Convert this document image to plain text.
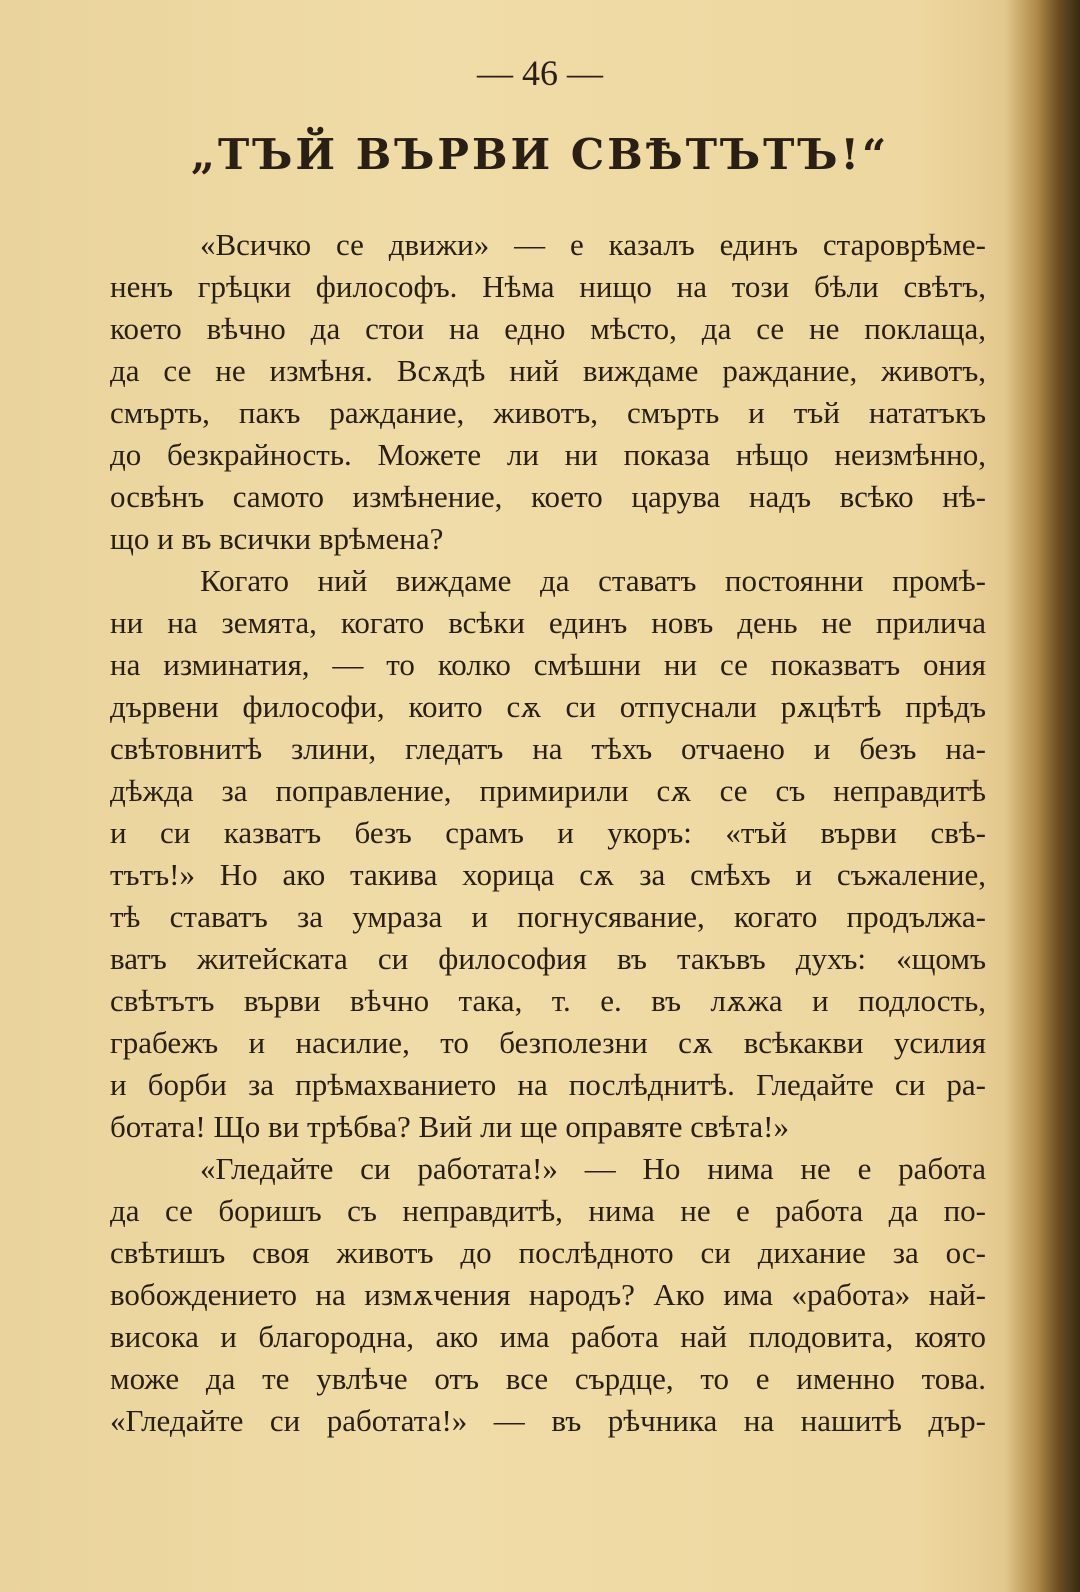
— 46 —
„ТЪЙ ВЪРВИ СВѢТЪТЪ!“
«Всичко се движи» — е казалъ единъ староврѣме-
ненъ грѣцки философъ. Нѣма нищо на този бѣли свѣтъ,
което вѣчно да стои на едно мѣсто, да се не поклаща,
да се не измѣня. Всѫдѣ ний виждаме раждание, животъ,
смърть, пакъ раждание, животъ, смърть и тъй нататъкъ
до безкрайность. Можете ли ни показа нѣщо неизмѣнно,
освѣнъ самото измѣнение, което царува надъ всѣко нѣ-
що и въ всички врѣмена?
Когато ний виждаме да ставатъ постоянни промѣ-
ни на земята, когато всѣки единъ новъ день не прилича
на изминатия, — то колко смѣшни ни се показватъ ония
дървени философи, които сѫ си отпуснали рѫцѣтѣ прѣдъ
свѣтовнитѣ злини, гледатъ на тѣхъ отчаено и безъ на-
дѣжда за поправление, примирили сѫ се съ неправдитѣ
и си казватъ безъ срамъ и укоръ: «тъй върви свѣ-
тътъ!» Но ако такива хорица сѫ за смѣхъ и съжаление,
тѣ ставатъ за умраза и погнусявание, когато продължа-
ватъ житейската си философия въ такъвъ духъ: «щомъ
свѣтътъ върви вѣчно така, т. е. въ лѫжа и подлость,
грабежъ и насилие, то безполезни сѫ всѣкакви усилия
и борби за прѣмахванието на послѣднитѣ. Гледайте си ра-
ботата! Що ви трѣбва? Вий ли ще оправяте свѣта!»
«Гледайте си работата!» — Но нима не е работа
да се боришъ съ неправдитѣ, нима не е работа да по-
свѣтишъ своя животъ до послѣдното си дихание за ос-
вобождението на измѫчения народъ? Ако има «работа» най-
висока и благородна, ако има работа най плодовита, която
може да те увлѣче отъ все сърдце, то е именно това.
«Гледайте си работата!» — въ рѣчника на нашитѣ дър-
